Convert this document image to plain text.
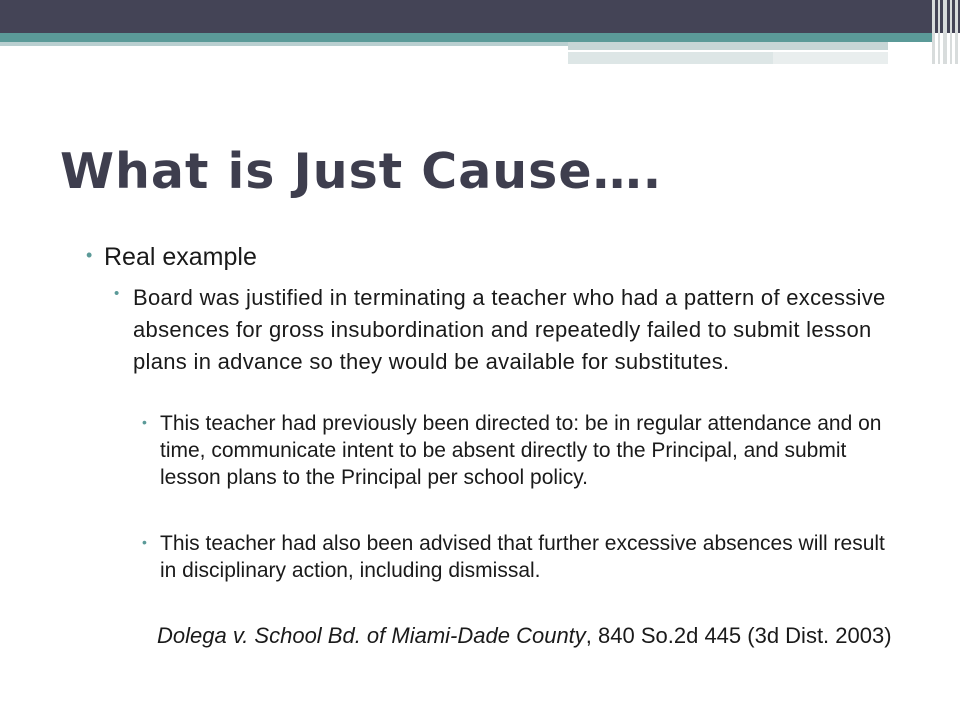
What is Just Cause….
• Real example
• Board was justified in terminating a teacher who had a pattern of excessive absences for gross insubordination and repeatedly failed to submit lesson plans in advance so they would be available for substitutes.
• This teacher had previously been directed to: be in regular attendance and on time, communicate intent to be absent directly to the Principal, and submit lesson plans to the Principal per school policy.
• This teacher had also been advised that further excessive absences will result in disciplinary action, including dismissal.
Dolega v. School Bd. of Miami-Dade County, 840 So.2d 445 (3d Dist. 2003)
